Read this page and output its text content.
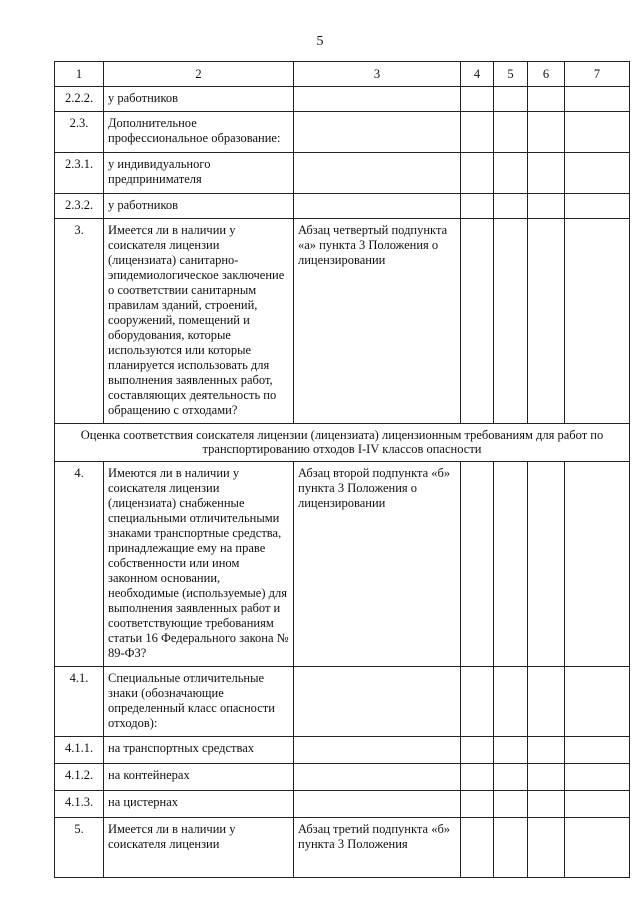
5
1	2	3	4	5	6	7
2.2.2.	у работников					
2.3.	Дополнительное профессиональное образование:					
2.3.1.	у индивидуального предпринимателя					
2.3.2.	у работников					
3.	Имеется ли в наличии у соискателя лицензии (лицензиата) санитарно-эпидемиологическое заключение о соответствии санитарным правилам зданий, строений, сооружений, помещений и оборудования, которые используются или которые планируется использовать для выполнения заявленных работ, составляющих деятельность по обращению с отходами?	Абзац четвертый подпункта «а» пункта 3 Положения о лицензировании				
Оценка соответствия соискателя лицензии (лицензиата) лицензионным требованиям для работ по транспортированию отходов I-IV классов опасности						
4.	Имеются ли в наличии у соискателя лицензии (лицензиата) снабженные специальными отличительными знаками транспортные средства, принадлежащие ему на праве собственности или ином законном основании, необходимые (используемые) для выполнения заявленных работ и соответствующие требованиям статьи 16 Федерального закона № 89-ФЗ?	Абзац второй подпункта «б» пункта 3 Положения о лицензировании				
4.1.	Специальные отличительные знаки (обозначающие определенный класс опасности отходов):					
4.1.1.	на транспортных средствах					
4.1.2.	на контейнерах					
4.1.3.	на цистернах					
5.	Имеется ли в наличии у соискателя лицензии	Абзац третий подпункта «б» пункта 3 Положения				
